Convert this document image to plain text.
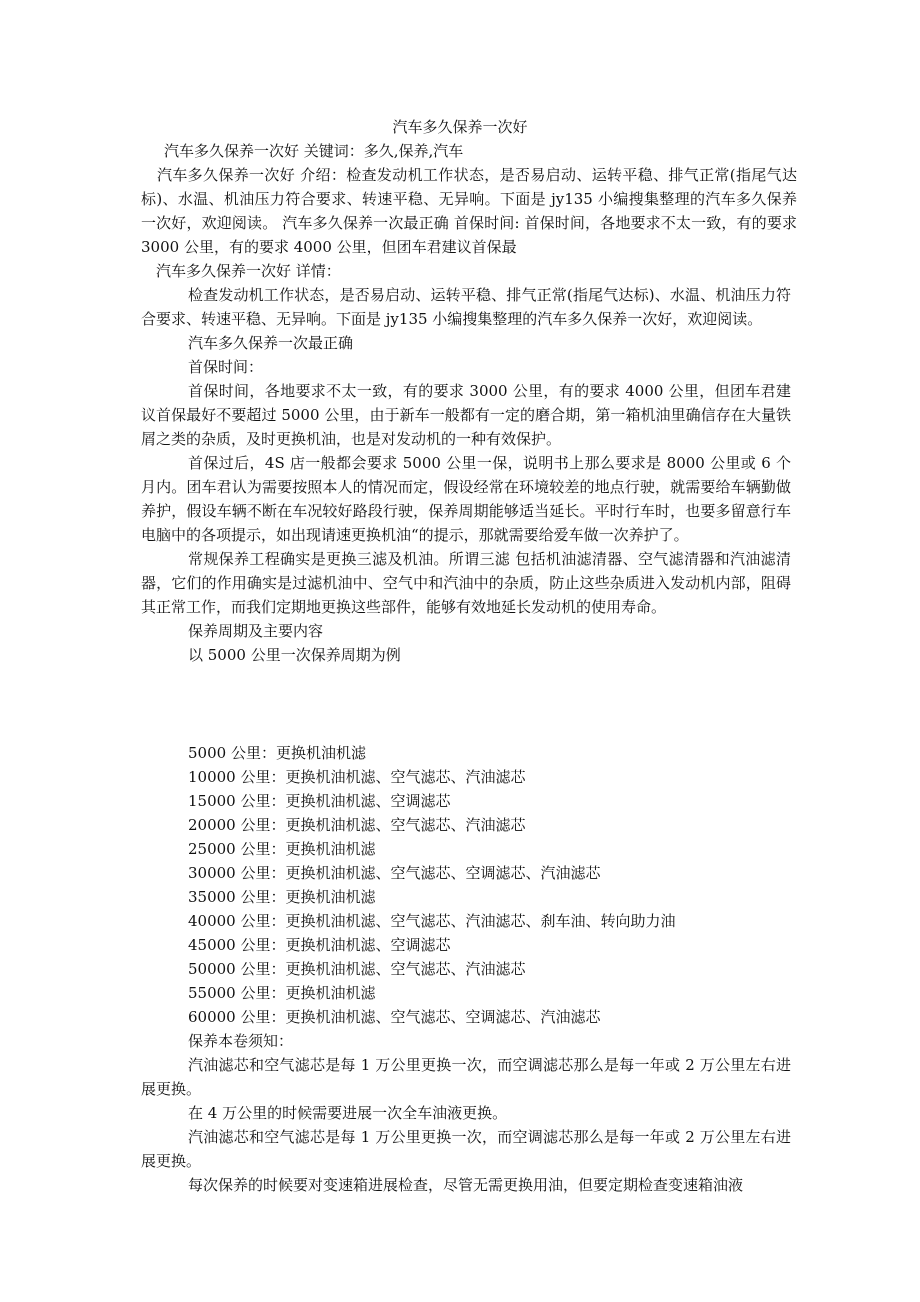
汽车多久保养一次好
汽车多久保养一次好 关键词：多久,保养,汽车
汽车多久保养一次好 介绍：检查发动机工作状态，是否易启动、运转平稳、排气正常(指尾气达标)、水温、机油压力符合要求、转速平稳、无异响。下面是 jy135 小编搜集整理的汽车多久保养一次好，欢迎阅读。 汽车多久保养一次最正确 首保时间: 首保时间，各地要求不太一致，有的要求 3000 公里，有的要求 4000 公里，但团车君建议首保最
汽车多久保养一次好 详情：

检查发动机工作状态，是否易启动、运转平稳、排气正常(指尾气达标)、水温、机油压力符合要求、转速平稳、无异响。下面是 jy135 小编搜集整理的汽车多久保养一次好，欢迎阅读。

汽车多久保养一次最正确

首保时间：

首保时间，各地要求不太一致，有的要求 3000 公里，有的要求 4000 公里，但团车君建议首保最好不要超过 5000 公里，由于新车一般都有一定的磨合期，第一箱机油里确信存在大量铁屑之类的杂质，及时更换机油，也是对发动机的一种有效保护。

首保过后，4S 店一般都会要求 5000 公里一保，说明书上那么要求是 8000 公里或 6 个月内。团车君认为需要按照本人的情况而定，假设经常在环境较差的地点行驶，就需要给车辆勤做养护，假设车辆不断在车况较好路段行驶，保养周期能够适当延长。平时行车时，也要多留意行车电脑中的各项提示，如出现请速更换机油“的提示，那就需要给爱车做一次养护了。

常规保养工程确实是更换三滤及机油。所谓三滤 包括机油滤清器、空气滤清器和汽油滤清器，它们的作用确实是过滤机油中、空气中和汽油中的杂质，防止这些杂质进入发动机内部，阻碍其正常工作，而我们定期地更换这些部件，能够有效地延长发动机的使用寿命。

保养周期及主要内容

以 5000 公里一次保养周期为例

5000 公里：更换机油机滤

10000 公里：更换机油机滤、空气滤芯、汽油滤芯

15000 公里：更换机油机滤、空调滤芯

20000 公里：更换机油机滤、空气滤芯、汽油滤芯

25000 公里：更换机油机滤

30000 公里：更换机油机滤、空气滤芯、空调滤芯、汽油滤芯

35000 公里：更换机油机滤

40000 公里：更换机油机滤、空气滤芯、汽油滤芯、刹车油、转向助力油

45000 公里：更换机油机滤、空调滤芯

50000 公里：更换机油机滤、空气滤芯、汽油滤芯

55000 公里：更换机油机滤

60000 公里：更换机油机滤、空气滤芯、空调滤芯、汽油滤芯

保养本卷须知：

汽油滤芯和空气滤芯是每 1 万公里更换一次，而空调滤芯那么是每一年或 2 万公里左右进展更换。

在 4 万公里的时候需要进展一次全车油液更换。

汽油滤芯和空气滤芯是每 1 万公里更换一次，而空调滤芯那么是每一年或 2 万公里左右进展更换。

每次保养的时候要对变速箱进展检查，尽管无需更换用油，但要定期检查变速箱油液
